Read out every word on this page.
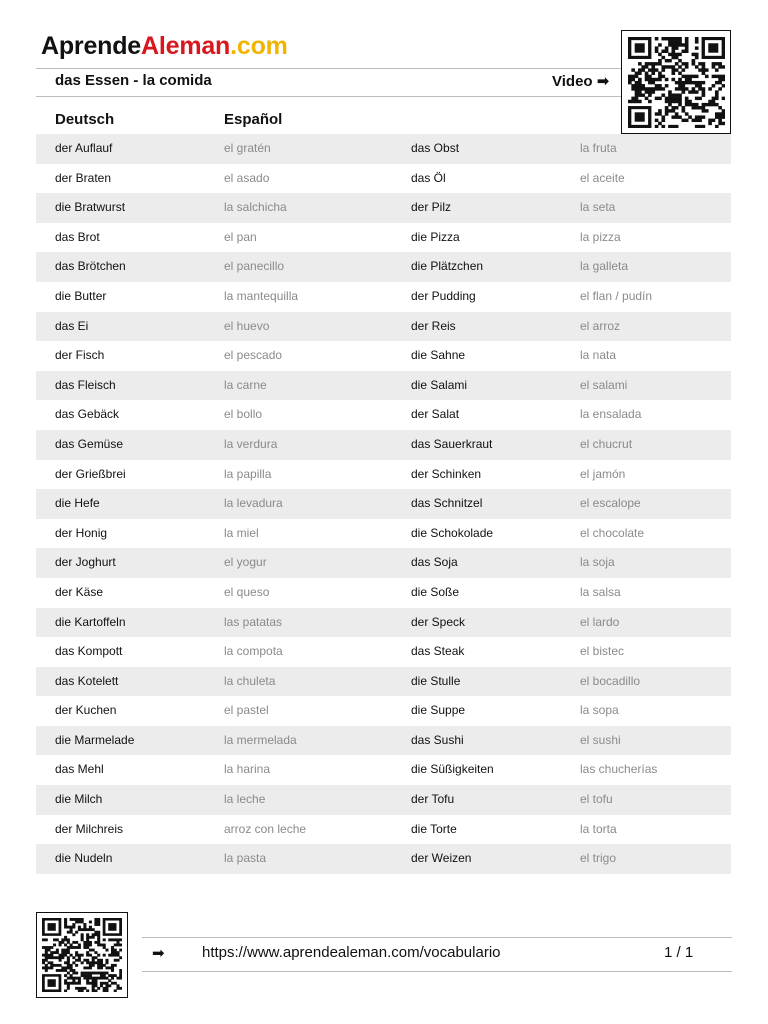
AprendeAleman.com
das Essen - la comida	Video ➡
Deutsch	Español
der Auflauf	el gratén	das Obst	la fruta
der Braten	el asado	das Öl	el aceite
die Bratwurst	la salchicha	der Pilz	la seta
das Brot	el pan	die Pizza	la pizza
das Brötchen	el panecillo	die Plätzchen	la galleta
die Butter	la mantequilla	der Pudding	el flan / pudín
das Ei	el huevo	der Reis	el arroz
der Fisch	el pescado	die Sahne	la nata
das Fleisch	la carne	die Salami	el salami
das Gebäck	el bollo	der Salat	la ensalada
das Gemüse	la verdura	das Sauerkraut	el chucrut
der Grießbrei	la papilla	der Schinken	el jamón
die Hefe	la levadura	das Schnitzel	el escalope
der Honig	la miel	die Schokolade	el chocolate
der Joghurt	el yogur	das Soja	la soja
der Käse	el queso	die Soße	la salsa
die Kartoffeln	las patatas	der Speck	el lardo
das Kompott	la compota	das Steak	el bistec
das Kotelett	la chuleta	die Stulle	el bocadillo
der Kuchen	el pastel	die Suppe	la sopa
die Marmelade	la mermelada	das Sushi	el sushi
das Mehl	la harina	die Süßigkeiten	las chucherías
die Milch	la leche	der Tofu	el tofu
der Milchreis	arroz con leche	die Torte	la torta
die Nudeln	la pasta	der Weizen	el trigo
➡ https://www.aprendealeman.com/vocabulario	1 / 1
